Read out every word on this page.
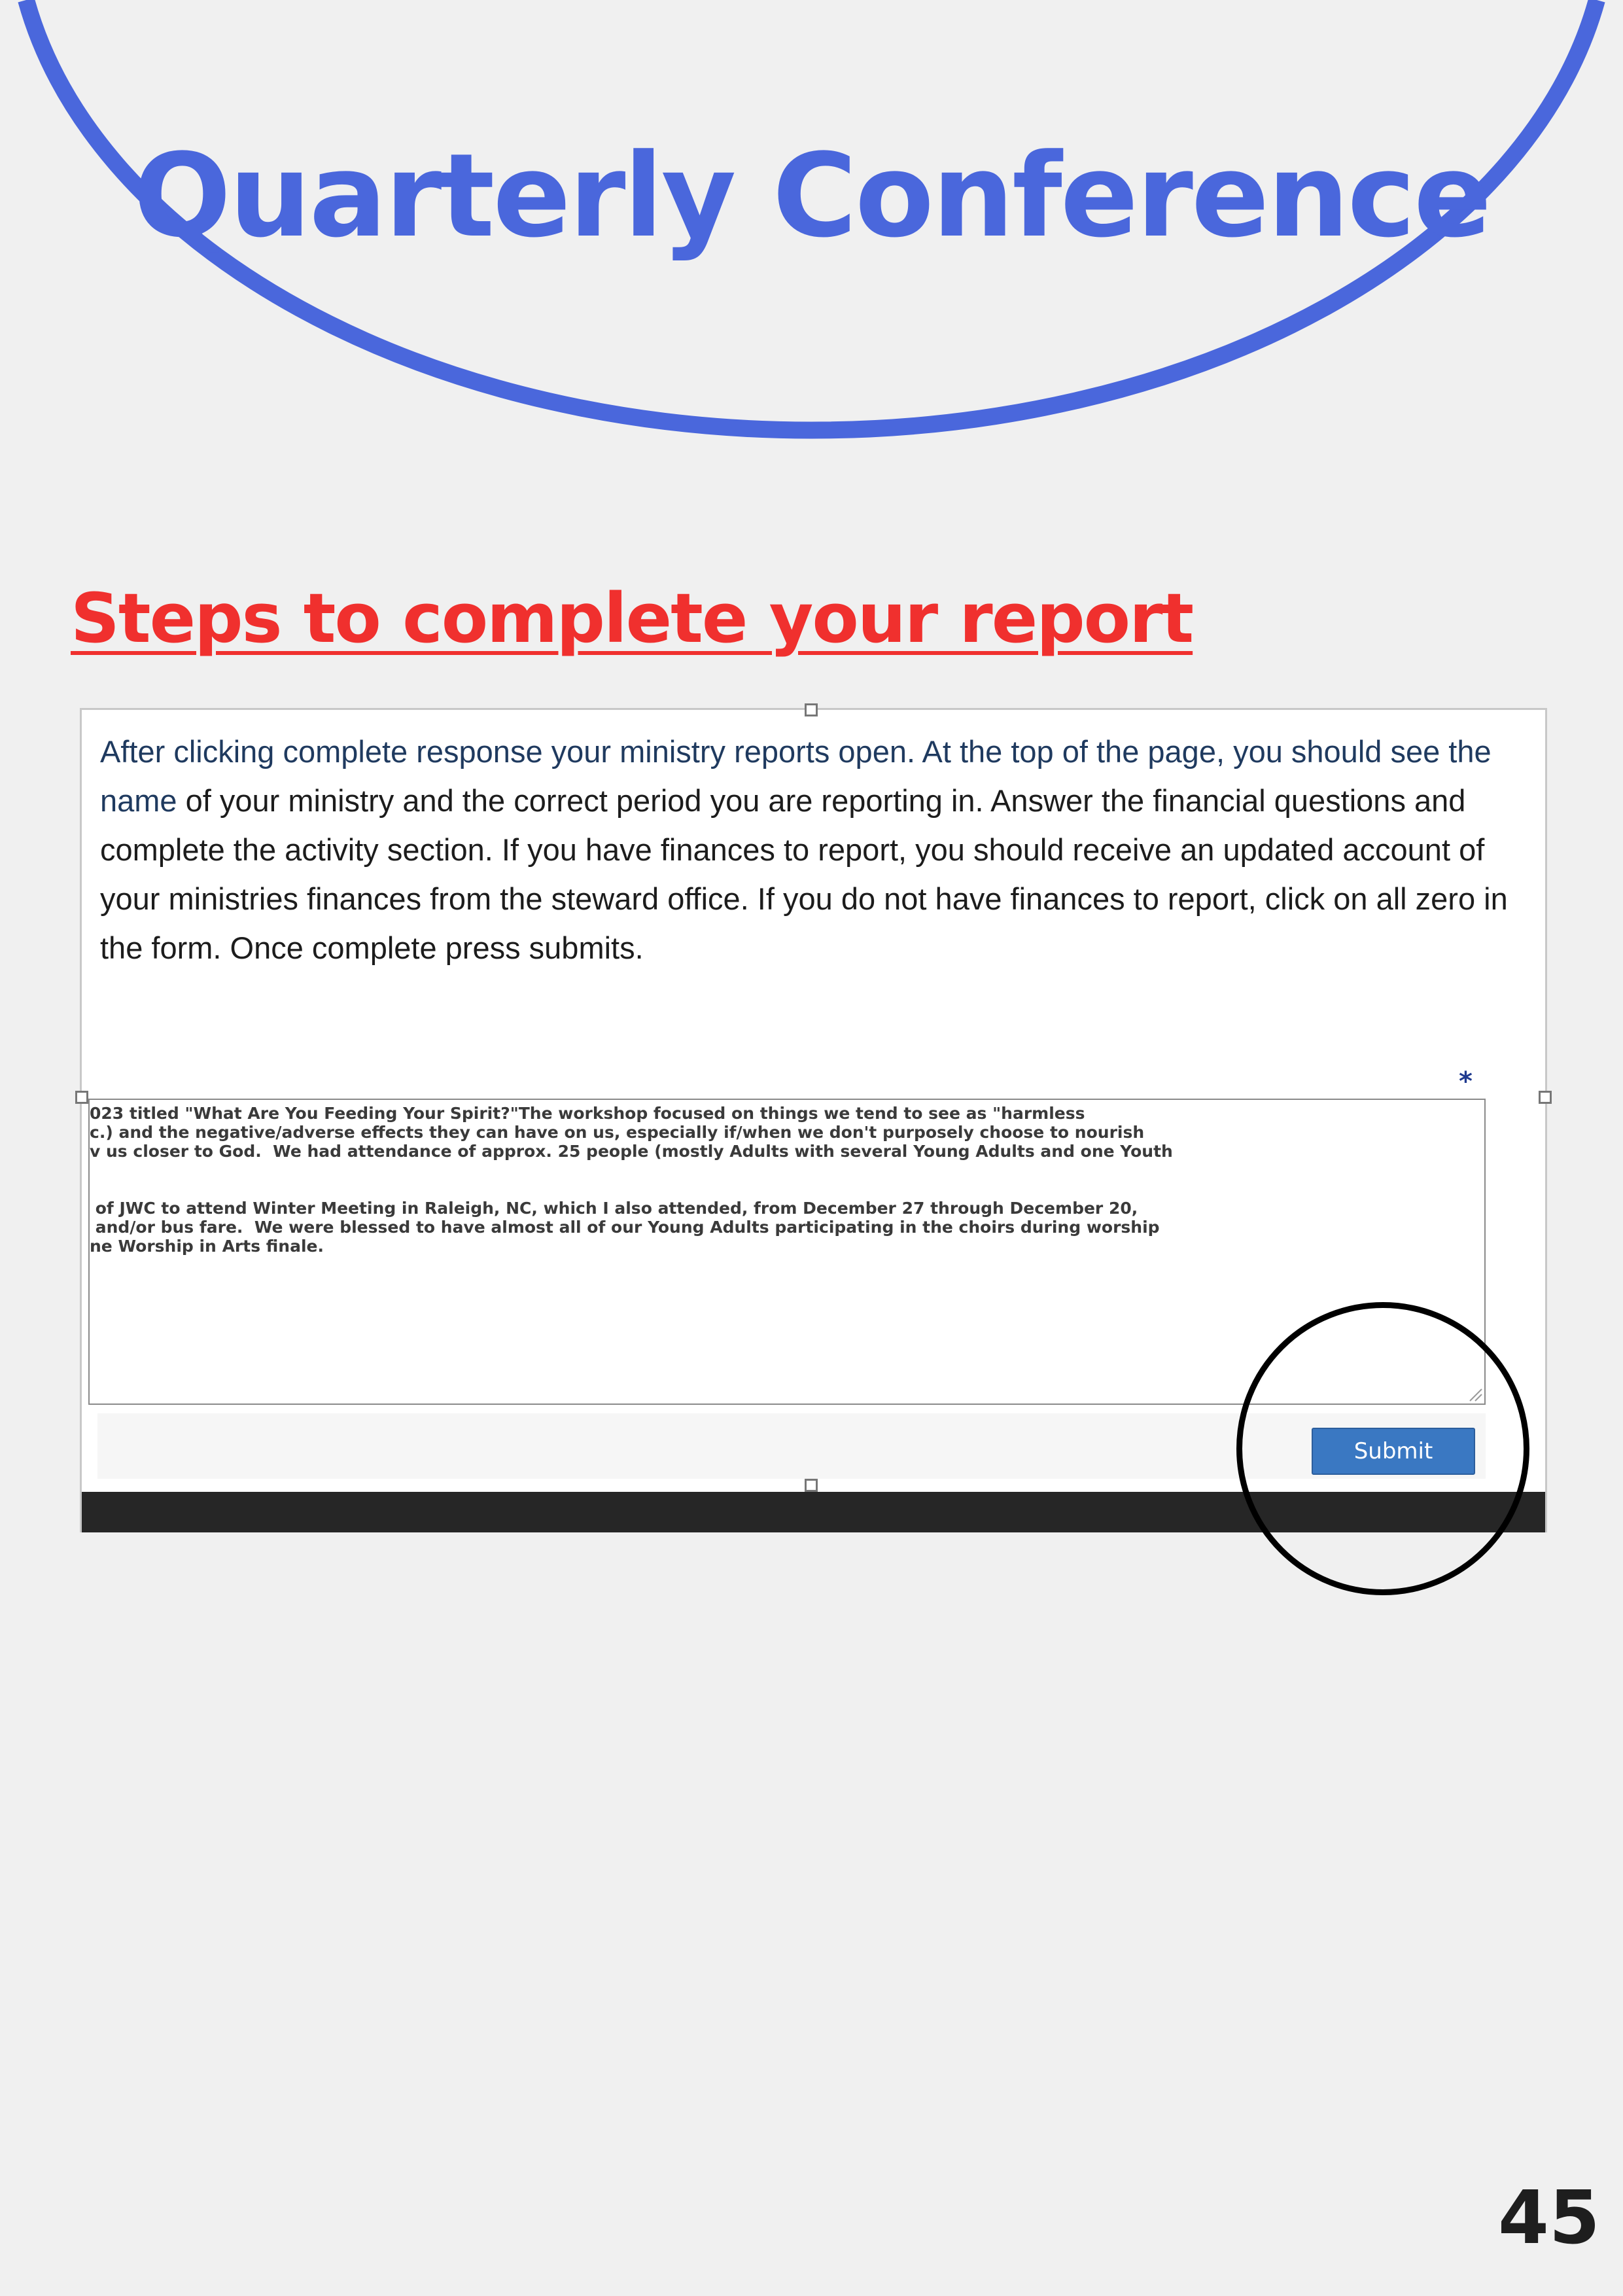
Quarterly Conference
Steps to complete your report
After clicking complete response your ministry reports open. At the top of the page, you should see the name of your ministry and the correct period you are reporting in. Answer the financial questions and complete the activity section. If you have finances to report, you should receive an updated account of your ministries finances from the steward office. If you do not have finances to report, click on all zero in the form. Once complete press submits.
*
023 titled "What Are You Feeding Your Spirit?"The workshop focused on things we tend to see as "harmless
c.) and the negative/adverse effects they can have on us, especially if/when we don't purposely choose to nourish
v us closer to God.  We had attendance of approx. 25 people (mostly Adults with several Young Adults and one Youth

of JWC to attend Winter Meeting in Raleigh, NC, which I also attended, from December 27 through December 20,
and/or bus fare.  We were blessed to have almost all of our Young Adults participating in the choirs during worship
ne Worship in Arts finale.
Submit
45
